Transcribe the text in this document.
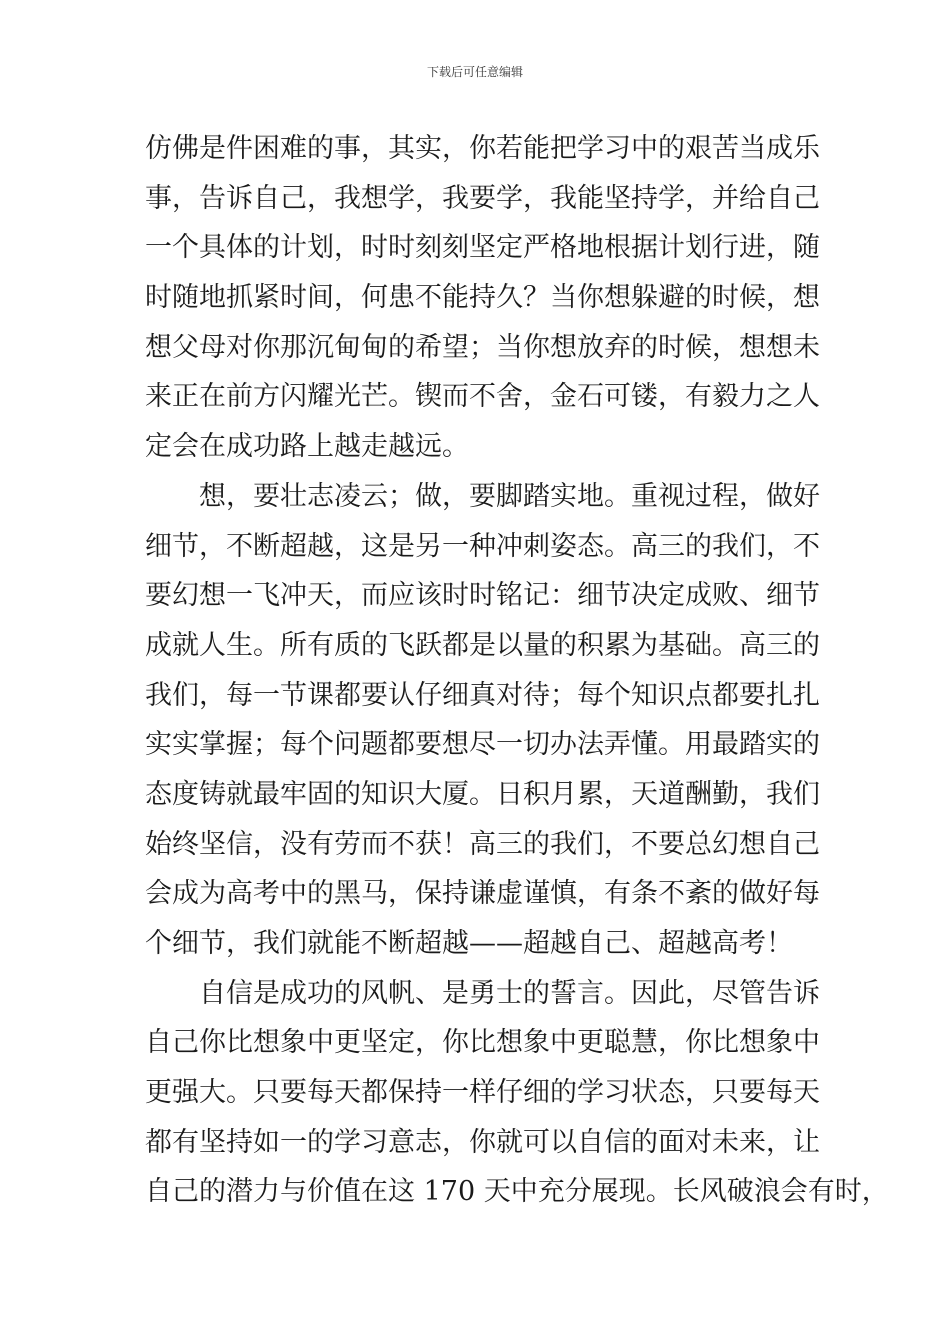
下载后可任意编辑
仿佛是件困难的事，其实，你若能把学习中的艰苦当成乐
事，告诉自己，我想学，我要学，我能坚持学，并给自己
一个具体的计划，时时刻刻坚定严格地根据计划行进，随
时随地抓紧时间，何患不能持久？当你想躲避的时候，想
想父母对你那沉甸甸的希望；当你想放弃的时候，想想未
来正在前方闪耀光芒。锲而不舍，金石可镂，有毅力之人
定会在成功路上越走越远。
　　想，要壮志凌云；做，要脚踏实地。重视过程，做好
细节，不断超越，这是另一种冲刺姿态。高三的我们，不
要幻想一飞冲天，而应该时时铭记：细节决定成败、细节
成就人生。所有质的飞跃都是以量的积累为基础。高三的
我们，每一节课都要认仔细真对待；每个知识点都要扎扎
实实掌握；每个问题都要想尽一切办法弄懂。用最踏实的
态度铸就最牢固的知识大厦。日积月累，天道酬勤，我们
始终坚信，没有劳而不获！高三的我们，不要总幻想自己
会成为高考中的黑马，保持谦虚谨慎，有条不紊的做好每
个细节，我们就能不断超越——超越自己、超越高考！
　　自信是成功的风帆、是勇士的誓言。因此，尽管告诉
自己你比想象中更坚定，你比想象中更聪慧，你比想象中
更强大。只要每天都保持一样仔细的学习状态，只要每天
都有坚持如一的学习意志，你就可以自信的面对未来，让
自己的潜力与价值在这 170 天中充分展现。长风破浪会有时，
